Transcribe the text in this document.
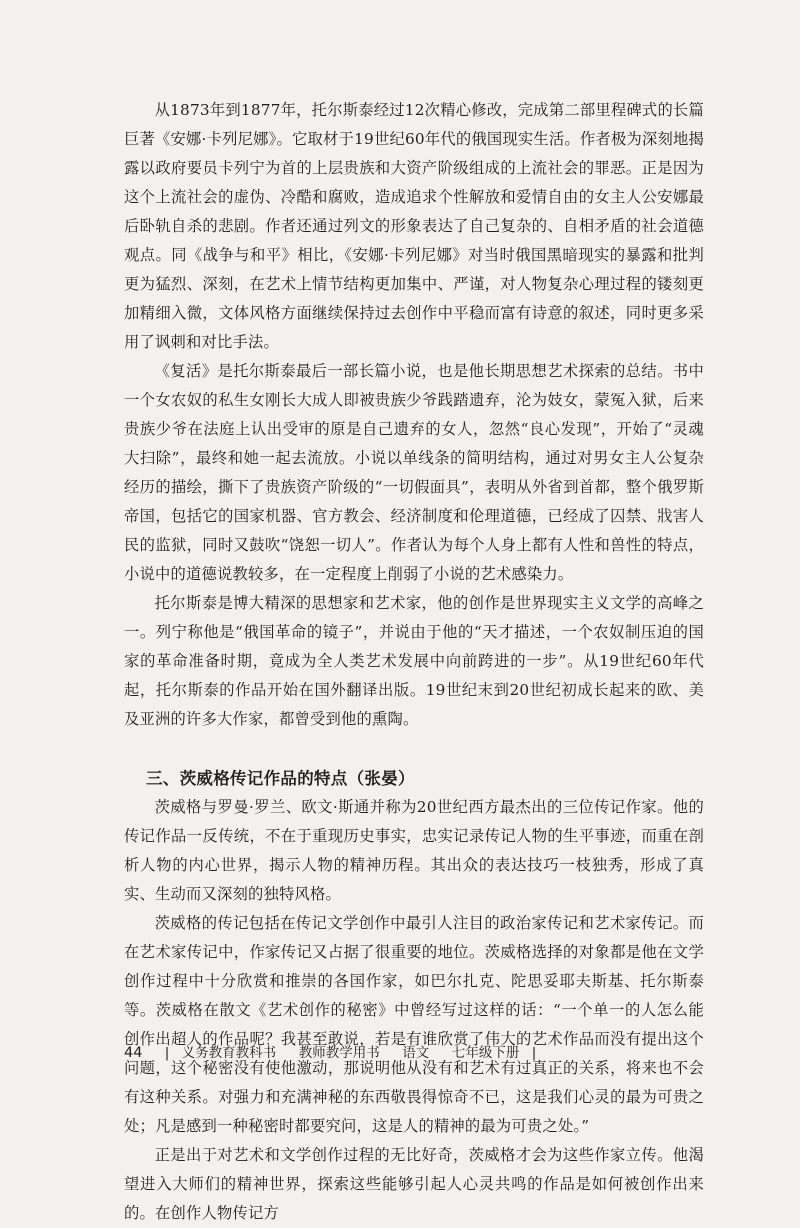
从1873年到1877年，托尔斯泰经过12次精心修改，完成第二部里程碑式的长篇巨著《安娜·卡列尼娜》。它取材于19世纪60年代的俄国现实生活。作者极为深刻地揭露以政府要员卡列宁为首的上层贵族和大资产阶级组成的上流社会的罪恶。正是因为这个上流社会的虚伪、冷酷和腐败，造成追求个性解放和爱情自由的女主人公安娜最后卧轨自杀的悲剧。作者还通过列文的形象表达了自己复杂的、自相矛盾的社会道德观点。同《战争与和平》相比，《安娜·卡列尼娜》对当时俄国黑暗现实的暴露和批判更为猛烈、深刻，在艺术上情节结构更加集中、严谨，对人物复杂心理过程的镂刻更加精细入微，文体风格方面继续保持过去创作中平稳而富有诗意的叙述，同时更多采用了讽刺和对比手法。

《复活》是托尔斯泰最后一部长篇小说，也是他长期思想艺术探索的总结。书中一个女农奴的私生女刚长大成人即被贵族少爷践踏遗弃，沦为妓女，蒙冤入狱，后来贵族少爷在法庭上认出受审的原是自己遗弃的女人，忽然“良心发现”，开始了“灵魂大扫除”，最终和她一起去流放。小说以单线条的简明结构，通过对男女主人公复杂经历的描绘，撕下了贵族资产阶级的“一切假面具”，表明从外省到首都，整个俄罗斯帝国，包括它的国家机器、官方教会、经济制度和伦理道德，已经成了囚禁、戕害人民的监狱，同时又鼓吹“饶恕一切人”。作者认为每个人身上都有人性和兽性的特点，小说中的道德说教较多，在一定程度上削弱了小说的艺术感染力。

托尔斯泰是博大精深的思想家和艺术家，他的创作是世界现实主义文学的高峰之一。列宁称他是“俄国革命的镜子”，并说由于他的“天才描述，一个农奴制压迫的国家的革命准备时期，竟成为全人类艺术发展中向前跨进的一步”。从19世纪60年代起，托尔斯泰的作品开始在国外翻译出版。19世纪末到20世纪初成长起来的欧、美及亚洲的许多大作家，都曾受到他的熏陶。

三、茨威格传记作品的特点（张晏）

茨威格与罗曼·罗兰、欧文·斯通并称为20世纪西方最杰出的三位传记作家。他的传记作品一反传统，不在于重现历史事实，忠实记录传记人物的生平事迹，而重在剖析人物的内心世界，揭示人物的精神历程。其出众的表达技巧一枝独秀，形成了真实、生动而又深刻的独特风格。

茨威格的传记包括在传记文学创作中最引人注目的政治家传记和艺术家传记。而在艺术家传记中，作家传记又占据了很重要的地位。茨威格选择的对象都是他在文学创作过程中十分欣赏和推崇的各国作家，如巴尔扎克、陀思妥耶夫斯基、托尔斯泰等。茨威格在散文《艺术创作的秘密》中曾经写过这样的话：“一个单一的人怎么能创作出超人的作品呢？我甚至敢说，若是有谁欣赏了伟大的艺术作品而没有提出这个问题，这个秘密没有使他激动，那说明他从没有和艺术有过真正的关系，将来也不会有这种关系。对强力和充满神秘的东西敬畏得惊奇不已，这是我们心灵的最为可贵之处；凡是感到一种秘密时都要究问，这是人的精神的最为可贵之处。”

正是出于对艺术和文学创作过程的无比好奇，茨威格才会为这些作家立传。他渴望进入大师们的精神世界，探索这些能够引起人心灵共鸣的作品是如何被创作出来的。在创作人物传记方

44 | 义务教育教科书 教师教学用书 语文 七年级下册 |
